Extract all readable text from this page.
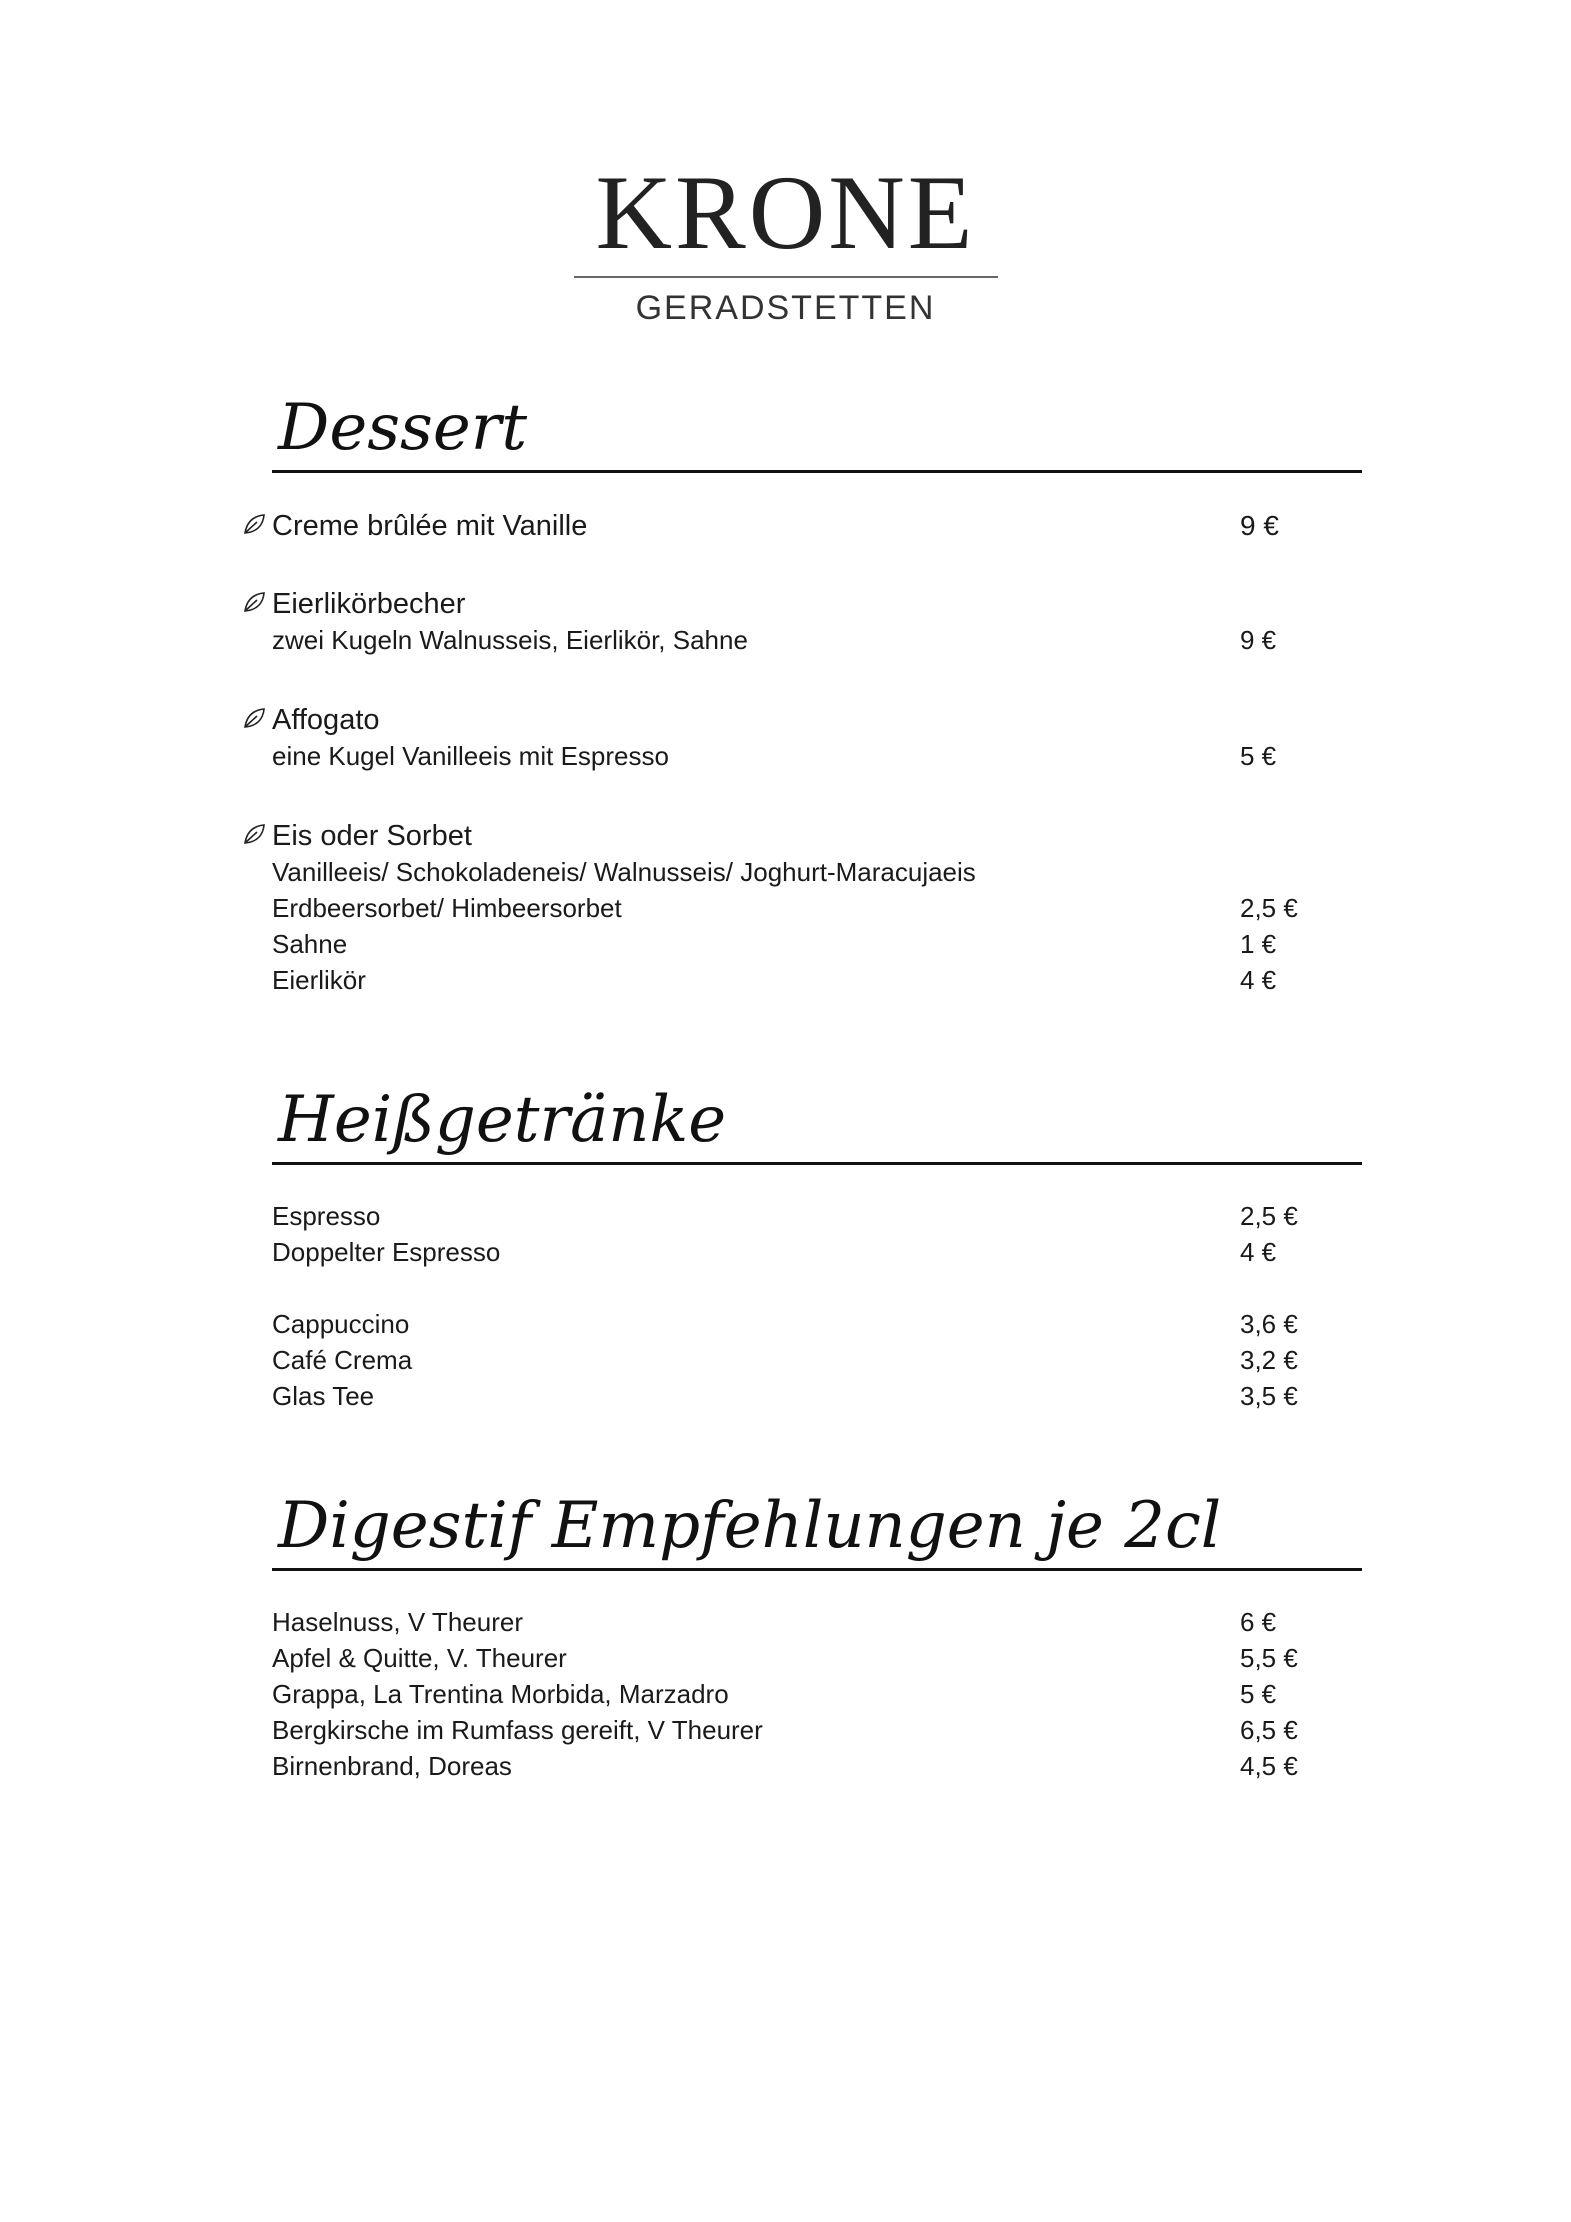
KRONE
GERADSTETTEN
Dessert
Creme brûlée mit Vanille	9 €
Eierlikörbecher
zwei Kugeln Walnusseis, Eierlikör, Sahne	9 €
Affogato
eine Kugel Vanilleeis mit Espresso	5 €
Eis oder Sorbet
Vanilleeis/ Schokoladeneis/ Walnusseis/ Joghurt-Maracujaeis
Erdbeersorbet/ Himbeersorbet	2,5 €
Sahne	1 €
Eierlikör	4 €
Heißgetränke
Espresso	2,5 €
Doppelter Espresso	4 €
Cappuccino	3,6 €
Café Crema	3,2 €
Glas Tee	3,5 €
Digestif Empfehlungen je 2cl
Haselnuss, V Theurer	6 €
Apfel & Quitte, V. Theurer	5,5 €
Grappa, La Trentina Morbida, Marzadro	5 €
Bergkirsche im Rumfass gereift, V Theurer	6,5 €
Birnenbrand, Doreas	4,5 €
